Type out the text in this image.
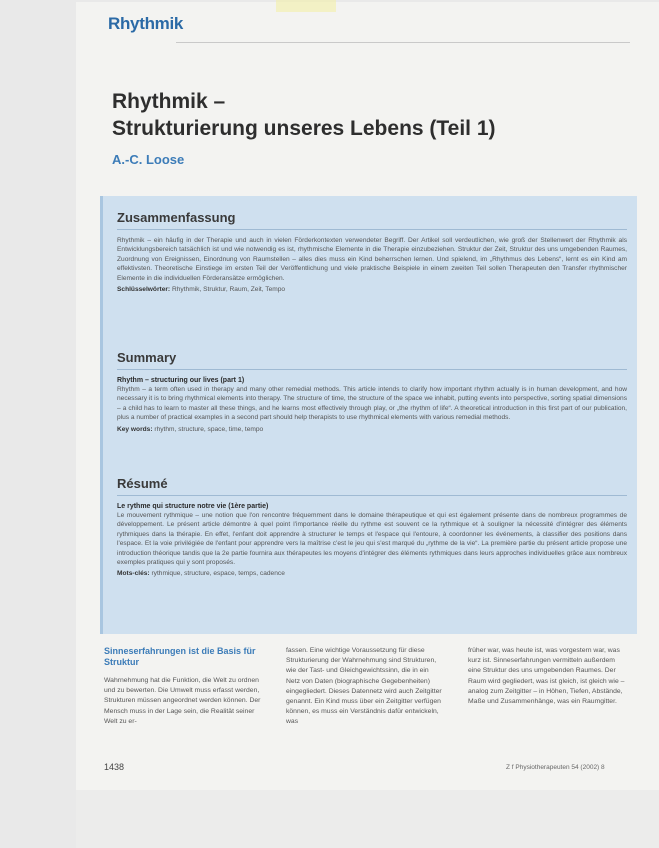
Rhythmik
Rhythmik –
Strukturierung unseres Lebens (Teil 1)
A.-C. Loose
Zusammenfassung

Rhythmik – ein häufig in der Therapie und auch in vielen Förderkontexten verwendeter Begriff. Der Artikel soll verdeutlichen, wie groß der Stellenwert der Rhythmik als Entwicklungsbereich tatsächlich ist und wie notwendig es ist, rhythmische Elemente in die Therapie einzubeziehen. Struktur der Zeit, Struktur des uns umgebenden Raumes, Zuordnung von Ereignissen, Einordnung von Raumstellen – alles dies muss ein Kind beherrschen lernen. Und spielend, im „Rhythmus des Lebens“, lernt es ein Kind am effektivsten. Theoretische Einstiege im ersten Teil der Veröffentlichung und viele praktische Beispiele in einem zweiten Teil sollen Therapeuten den Transfer rhythmischer Elemente in die individuellen Förderansätze ermöglichen.

Schlüsselwörter: Rhythmik, Struktur, Raum, Zeit, Tempo
Summary
Rhythm – structuring our lives (part 1)

Rhythm – a term often used in therapy and many other remedial methods. This article intends to clarify how important rhythm actually is in human development, and how necessary it is to bring rhythmical elements into therapy. The structure of time, the structure of the space we inhabit, putting events into perspective, sorting spatial dimensions – a child has to learn to master all these things, and he learns most effectively through play, or „the rhythm of life“. A theoretical introduction in this first part of our publication, plus a number of practical examples in a second part should help therapists to use rhythmical elements with various remedial methods.

Key words: rhythm, structure, space, time, tempo
Résumé
Le rythme qui structure notre vie (1ère partie)

Le mouvement rythmique – une notion que l'on rencontre fréquemment dans le domaine thérapeutique et qui est également présente dans de nombreux programmes de développement. Le présent article démontre à quel point l'importance réelle du rythme est souvent ce la rythmique et à souligner la nécessité d'intégrer des éléments rythmiques dans la thérapie. En effet, l'enfant doit apprendre à structurer le temps et l'espace qui l'entoure, à coordonner les événements, à classifier des positions dans l'espace. Et la voie privilégiée de l'enfant pour apprendre vers la maîtrise c'est le jeu qui s'est marqué du „rythme de la vie“. La première partie du présent article propose une introduction théorique tandis que la 2e partie fournira aux thérapeutes les moyens d'intégrer des éléments rythmiques dans leurs approches individuelles grâce aux nombreux exemples pratiques qui y sont proposés.

Mots-clés: rythmique, structure, espace, temps, cadence
Sinneserfahrungen ist die Basis für Struktur
Wahrnehmung hat die Funktion, die Welt zu ordnen und zu bewerten. Die Umwelt muss erfasst werden, Strukturen müssen angeordnet werden können. Der Mensch muss in der Lage sein, die Realität seiner Welt zu er-
fassen. Eine wichtige Voraussetzung für diese Strukturierung der Wahrnehmung sind Strukturen, wie der Tast- und Gleichgewichtssinn, die in ein Netz von Daten (biographische Gegebenheiten) eingegliedert. Dieses Datennetz wird auch Zeitgitter genannt. Ein Kind muss über ein Zeitgitter verfügen können, es muss ein Verständnis dafür entwickeln, was
früher war, was heute ist, was vorgestern war, was kurz ist. Sinneserfahrungen vermitteln außerdem eine Struktur des uns umgebenden Raumes. Der Raum wird gegliedert, was ist gleich, ist gleich wie – analog zum Zeitgitter – in Höhen, Tiefen, Abstände, Maße und Zusammenhänge, was ein Raumgitter.
1438	Z f Physiotherapeuten 54 (2002) 8
